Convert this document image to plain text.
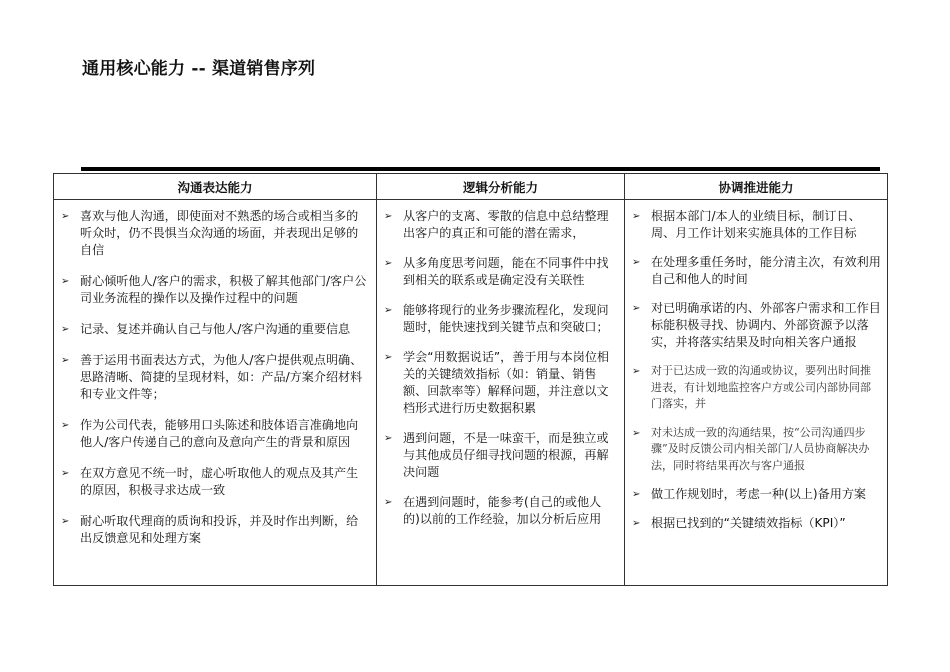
通用核心能力 -- 渠道销售序列
沟通表达能力	逻辑分析能力	协调推进能力
➢ 喜欢与他人沟通，即使面对不熟悉的场合或相当多的听众时，仍不畏惧当众沟通的场面，并表现出足够的自信
➢ 耐心倾听他人/客户的需求，积极了解其他部门/客户公司业务流程的操作以及操作过程中的问题
➢ 记录、复述并确认自己与他人/客户沟通的重要信息
➢ 善于运用书面表达方式，为他人/客户提供观点明确、思路清晰、简捷的呈现材料，如：产品/方案介绍材料和专业文件等；
➢ 作为公司代表，能够用口头陈述和肢体语言准确地向他人/客户传递自己的意向及意向产生的背景和原因
➢ 在双方意见不统一时，虚心听取他人的观点及其产生的原因，积极寻求达成一致
➢ 耐心听取代理商的质询和投诉，并及时作出判断，给出反馈意见和处理方案
➢ 从客户的支离、零散的信息中总结整理出客户的真正和可能的潜在需求，
➢ 从多角度思考问题，能在不同事件中找到相关的联系或是确定没有关联性
➢ 能够将现行的业务步骤流程化，发现问题时，能快速找到关键节点和突破口；
➢ 学会“用数据说话”，善于用与本岗位相关的关键绩效指标（如：销量、销售额、回款率等）解释问题，并注意以文档形式进行历史数据积累
➢ 遇到问题，不是一味蛮干，而是独立或与其他成员仔细寻找问题的根源，再解决问题
➢ 在遇到问题时，能参考(自己的或他人的)以前的工作经验，加以分析后应用
➢ 根据本部门/本人的业绩目标，制订日、周、月工作计划来实施具体的工作目标
➢ 在处理多重任务时，能分清主次，有效利用自己和他人的时间
➢ 对已明确承诺的内、外部客户需求和工作目标能积极寻找、协调内、外部资源予以落实，并将落实结果及时向相关客户通报
➢ 对于已达成一致的沟通或协议，要列出时间推进表，有计划地监控客户方或公司内部协同部门落实，并
➢ 对未达成一致的沟通结果，按“公司沟通四步骤”及时反馈公司内相关部门/人员协商解决办法，同时将结果再次与客户通报
➢ 做工作规划时，考虑一种(以上)备用方案
➢ 根据已找到的“关键绩效指标（KPI）”
